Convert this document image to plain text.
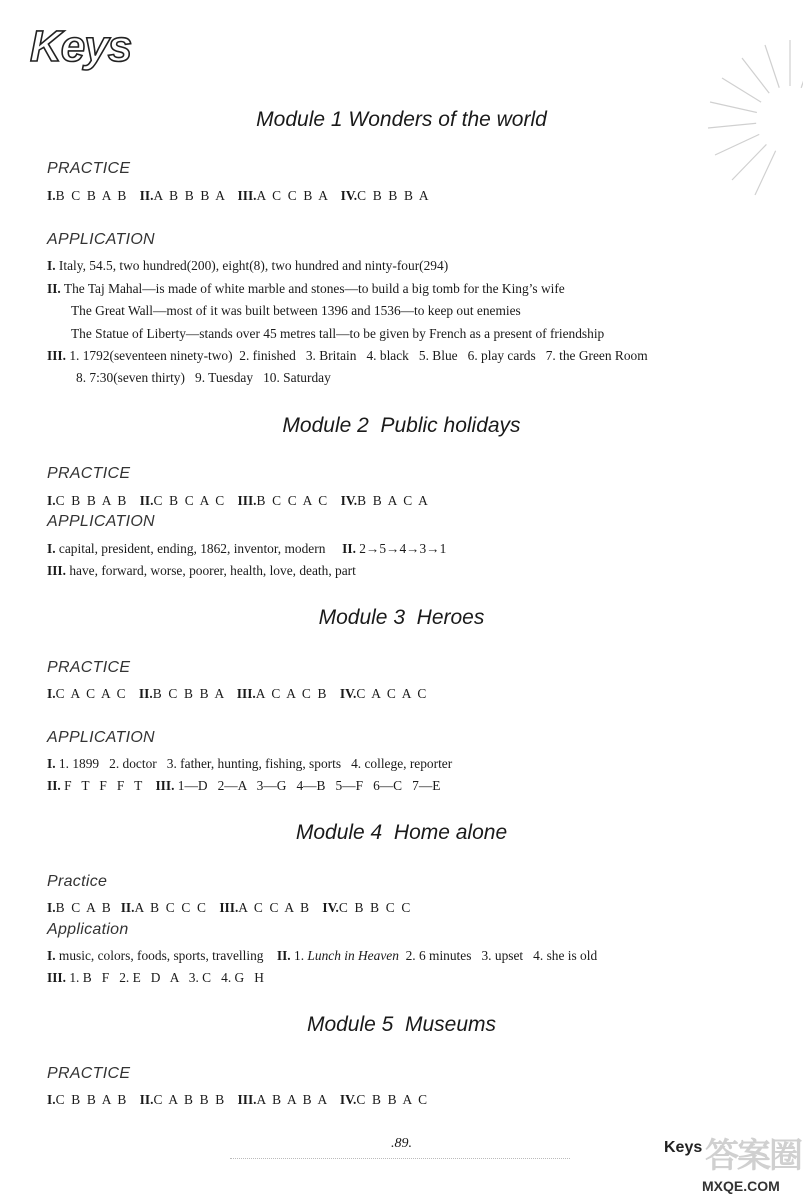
Keys
Module 1 Wonders of the world
PRACTICE
I.B  C  B  A  B II.A  B  B  B  A III.A  C  C  B  A IV.C  B  B  B  A
APPLICATION
I. Italy, 54.5, two hundred(200), eight(8), two hundred and ninty-four(294)
II. The Taj Mahal—is made of white marble and stones—to build a big tomb for the King’s wife
The Great Wall—most of it was built between 1396 and 1536—to keep out enemies
The Statue of Liberty—stands over 45 metres tall—to be given by French as a present of friendship
III. 1. 1792(seventeen ninety-two)  2. finished   3. Britain   4. black   5. Blue   6. play cards   7. the Green Room
8. 7:30(seven thirty)   9. Tuesday   10. Saturday
Module 2  Public holidays
PRACTICE
I.C  B  B  A  B II.C  B  C  A  C III.B  C  C  A  C IV.B  B  A  C  A
APPLICATION
I. capital, president, ending, 1862, inventor, modern II. 2→5→4→3→1
III. have, forward, worse, poorer, health, love, death, part
Module 3  Heroes
PRACTICE
I.C  A  C  A  C II.B  C  B  B  A III.A  C  A  C  B IV.C  A  C  A  C
APPLICATION
I. 1. 1899   2. doctor   3. father, hunting, fishing, sports   4. college, reporter
II. F   T   F   F   T III. 1—D   2—A   3—G   4—B   5—F   6—C   7—E
Module 4  Home alone
Practice
I.B  C  A  B II.A  B  C  C  C III.A  C  C  A  B IV.C  B  B  C  C
Application
I. music, colors, foods, sports, travelling II. 1. Lunch in Heaven  2. 6 minutes   3. upset   4. she is old
III. 1. B   F   2. E   D   A   3. C   4. G   H
Module 5  Museums
PRACTICE
I.C  B  B  A  B II.C  A  B  B  B III.A  B  A  B  A IV.C  B  B  A  C
.89.	Keys 答案圈
MXQE.COM
